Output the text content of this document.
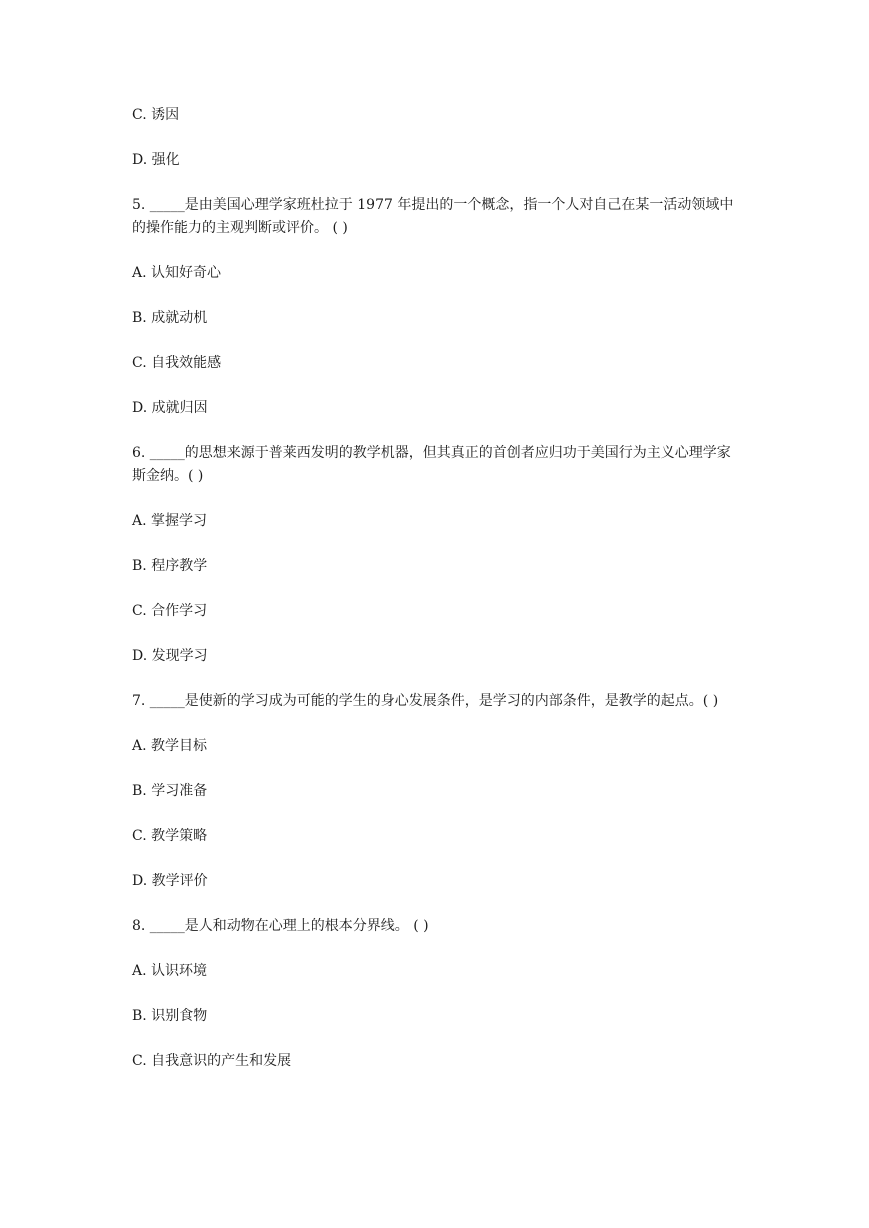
C. 诱因

D. 强化

5. _____是由美国心理学家班杜拉于 1977 年提出的一个概念，指一个人对自己在某一活动领域中的操作能力的主观判断或评价。 ( )

A. 认知好奇心

B. 成就动机

C. 自我效能感

D. 成就归因

6. _____的思想来源于普莱西发明的教学机器，但其真正的首创者应归功于美国行为主义心理学家斯金纳。( )

A. 掌握学习

B. 程序教学

C. 合作学习

D. 发现学习

7. _____是使新的学习成为可能的学生的身心发展条件，是学习的内部条件，是教学的起点。( )

A. 教学目标

B. 学习准备

C. 教学策略

D. 教学评价

8. _____是人和动物在心理上的根本分界线。 ( )

A. 认识环境

B. 识别食物

C. 自我意识的产生和发展
